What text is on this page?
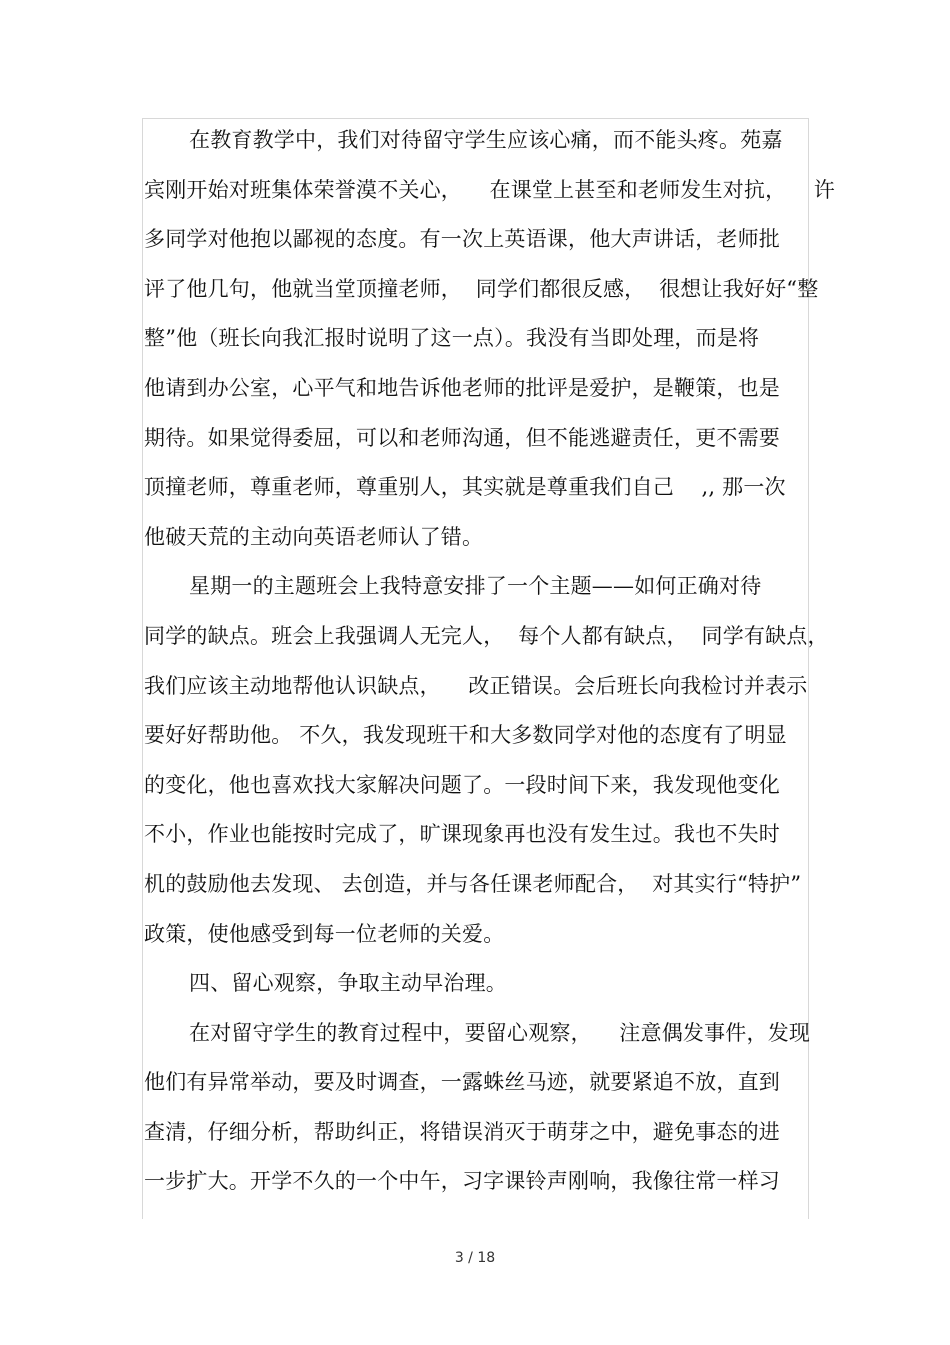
在教育教学中，我们对待留守学生应该心痛，而不能头疼。苑嘉
宾刚开始对班集体荣誉漠不关心，    在课堂上甚至和老师发生对抗，    许
多同学对他抱以鄙视的态度。有一次上英语课，他大声讲话，老师批
评了他几句，他就当堂顶撞老师，  同学们都很反感，  很想让我好好“整
整”他（班长向我汇报时说明了这一点）。我没有当即处理，而是将
他请到办公室，心平气和地告诉他老师的批评是爱护，是鞭策，也是
期待。如果觉得委屈，可以和老师沟通，但不能逃避责任，更不需要
顶撞老师，尊重老师，尊重别人，其实就是尊重我们自己    ,, 那一次
他破天荒的主动向英语老师认了错。
星期一的主题班会上我特意安排了一个主题——如何正确对待
同学的缺点。班会上我强调人无完人，  每个人都有缺点，  同学有缺点，
我们应该主动地帮他认识缺点，    改正错误。会后班长向我检讨并表示
要好好帮助他。 不久，我发现班干和大多数同学对他的态度有了明显
的变化，他也喜欢找大家解决问题了。一段时间下来，我发现他变化
不小，作业也能按时完成了，旷课现象再也没有发生过。我也不失时
机的鼓励他去发现、 去创造，并与各任课老师配合，  对其实行“特护”
政策，使他感受到每一位老师的关爱。
四、留心观察，争取主动早治理。
在对留守学生的教育过程中，要留心观察，    注意偶发事件，发现
他们有异常举动，要及时调查，一露蛛丝马迹，就要紧追不放，直到
查清，仔细分析，帮助纠正，将错误消灭于萌芽之中，避免事态的进
一步扩大。开学不久的一个中午，习字课铃声刚响，我像往常一样习
3 / 18
